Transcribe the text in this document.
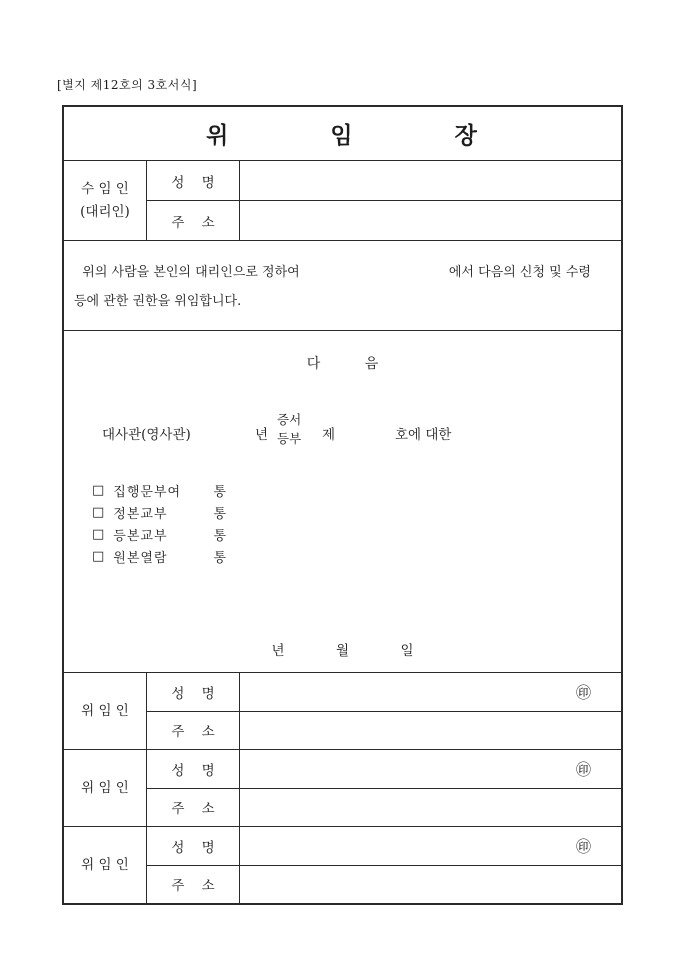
[별지 제12호의 3호서식]
위          임          장
수 임 인
(대리인)
성    명
주    소
위의 사람을 본인의 대리인으로 정하여	에서 다음의 신청 및 수령
등에 관한 권한을 위임합니다.
다          음
대사관(영사관)	년
증서
등부 제	호에 대한
□ 집행문부여 통
□ 정본교부	통
□ 등본교부	통
□ 원본열람	통
년            월            일
위 임 인
성    명	㊞
주    소
위 임 인
성    명	㊞
주    소
위 임 인
성    명	㊞
주    소
